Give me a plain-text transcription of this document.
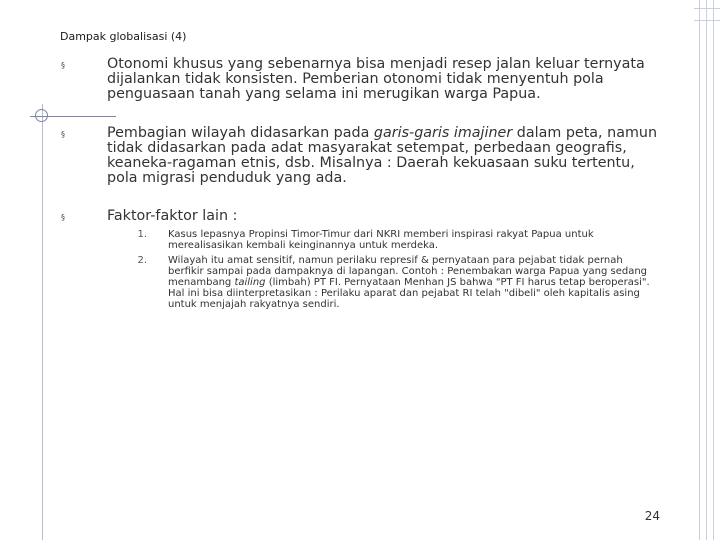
Dampak globalisasi (4)
§	Otonomi khusus yang sebenarnya bisa menjadi resep jalan keluar ternyata dijalankan tidak konsisten. Pemberian otonomi tidak menyentuh pola penguasaan tanah yang selama ini merugikan warga Papua.
§	Pembagian wilayah didasarkan pada garis-garis imajiner dalam peta, namun tidak didasarkan pada adat masyarakat setempat, perbedaan geografis, keaneka-ragaman etnis, dsb. Misalnya : Daerah kekuasaan suku tertentu, pola migrasi penduduk yang ada.
§	Faktor-faktor lain :
1. Kasus lepasnya Propinsi Timor-Timur dari NKRI memberi inspirasi rakyat Papua untuk merealisasikan kembali keinginannya untuk merdeka.
2. Wilayah itu amat sensitif, namun perilaku represif & pernyataan para pejabat tidak pernah berfikir sampai pada dampaknya di lapangan. Contoh : Penembakan warga Papua yang sedang menambang tailing (limbah) PT FI. Pernyataan Menhan JS bahwa "PT FI harus tetap beroperasi". Hal ini bisa diinterpretasikan : Perilaku aparat dan pejabat RI telah "dibeli" oleh kapitalis asing untuk menjajah rakyatnya sendiri.
24
